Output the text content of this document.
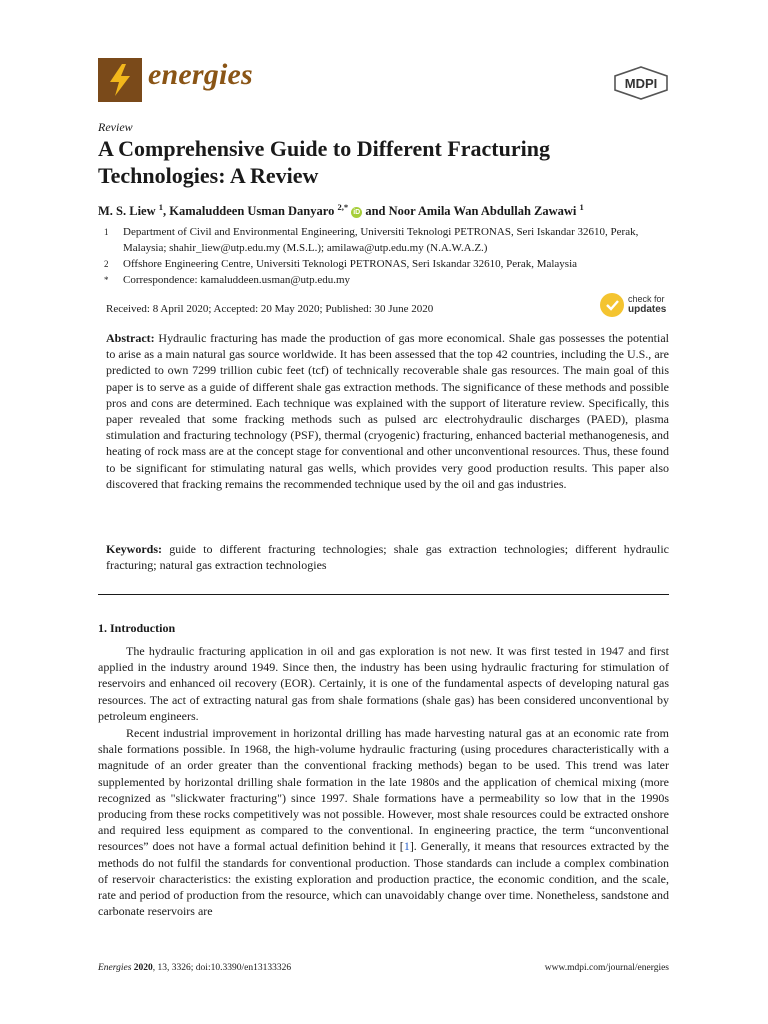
energies	MDPI
Review
A Comprehensive Guide to Different Fracturing Technologies: A Review
M. S. Liew $^1$, Kamaluddeen Usman Danyaro $^{2,*}$ iD and Noor Amila Wan Abdullah Zawawi $^1$
1 Department of Civil and Environmental Engineering, Universiti Teknologi PETRONAS, Seri Iskandar 32610, Perak, Malaysia; shahir_liew@utp.edu.my (M.S.L.); amilawa@utp.edu.my (N.A.W.A.Z.)
2 Offshore Engineering Centre, Universiti Teknologi PETRONAS, Seri Iskandar 32610, Perak, Malaysia
* Correspondence: kamaluddeen.usman@utp.edu.my
Received: 8 April 2020; Accepted: 20 May 2020; Published: 30 June 2020
check for
updates
Abstract: Hydraulic fracturing has made the production of gas more economical. Shale gas possesses the potential to arise as a main natural gas source worldwide. It has been assessed that the top 42 countries, including the U.S., are predicted to own 7299 trillion cubic feet (tcf) of technically recoverable shale gas resources. The main goal of this paper is to serve as a guide of different shale gas extraction methods. The significance of these methods and possible pros and cons are determined. Each technique was explained with the support of literature review. Specifically, this paper revealed that some fracking methods such as pulsed arc electrohydraulic discharges (PAED), plasma stimulation and fracturing technology (PSF), thermal (cryogenic) fracturing, enhanced bacterial methanogenesis, and heating of rock mass are at the concept stage for conventional and other unconventional resources. Thus, these found to be significant for stimulating natural gas wells, which provides very good production results. This paper also discovered that fracking remains the recommended technique used by the oil and gas industries.
Keywords: guide to different fracturing technologies; shale gas extraction technologies; different hydraulic fracturing; natural gas extraction technologies
1. Introduction
The hydraulic fracturing application in oil and gas exploration is not new. It was first tested in 1947 and first applied in the industry around 1949. Since then, the industry has been using hydraulic fracturing for stimulation of reservoirs and enhanced oil recovery (EOR). Certainly, it is one of the fundamental aspects of developing natural gas resources. The act of extracting natural gas from shale formations (shale gas) has been considered unconventional by petroleum engineers.
Recent industrial improvement in horizontal drilling has made harvesting natural gas at an economic rate from shale formations possible. In 1968, the high-volume hydraulic fracturing (using procedures characteristically with a magnitude of an order greater than the conventional fracking methods) began to be used. This trend was later supplemented by horizontal drilling shale formation in the late 1980s and the application of chemical mixing (more recognized as "slickwater fracturing") since 1997. Shale formations have a permeability so low that in the 1990s producing from these rocks competitively was not possible. However, most shale resources could be extracted onshore and required less equipment as compared to the conventional. In engineering practice, the term “unconventional resources” does not have a formal actual definition behind it [1]. Generally, it means that resources extracted by the methods do not fulfil the standards for conventional production. Those standards can include a complex combination of reservoir characteristics: the existing exploration and production practice, the economic condition, and the scale, rate and period of production from the resource, which can unavoidably change over time. Nonetheless, sandstone and carbonate reservoirs are
Energies 2020, 13, 3326; doi:10.3390/en13133326	www.mdpi.com/journal/energies
